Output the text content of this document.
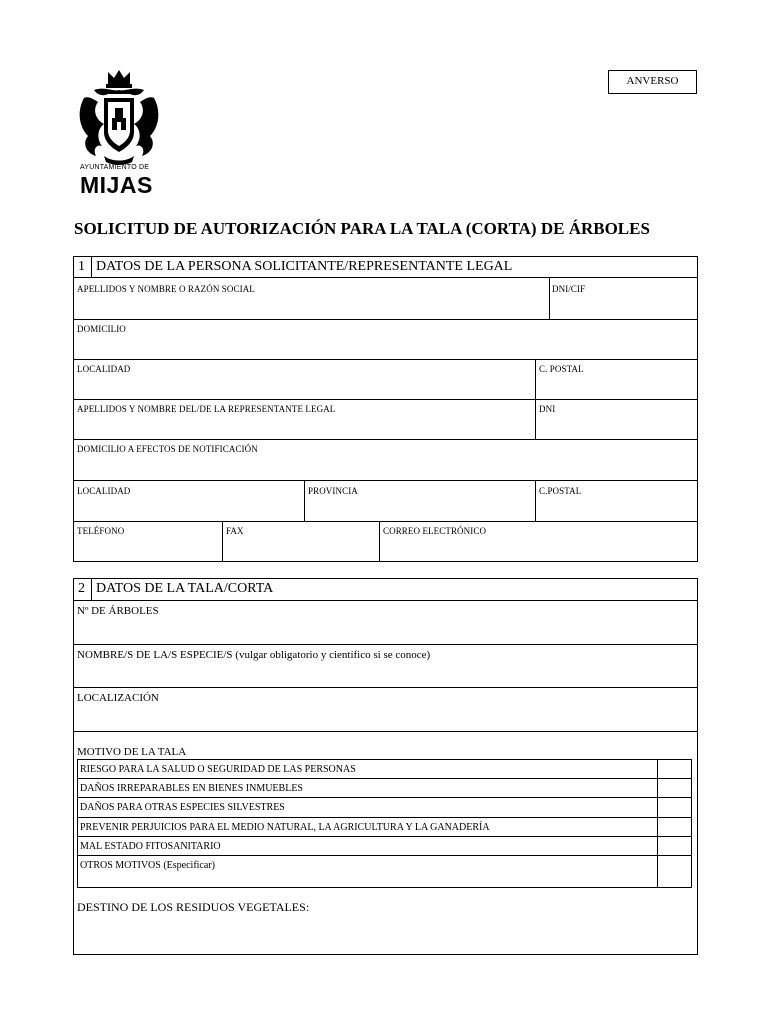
ANVERSO
AYUNTAMIENTO DE
MIJAS
SOLICITUD DE AUTORIZACIÓN PARA LA TALA (CORTA) DE ÁRBOLES
1 DATOS DE LA PERSONA SOLICITANTE/REPRESENTANTE LEGAL
APELLIDOS Y NOMBRE O RAZÓN SOCIAL	DNI/CIF
DOMICILIO
LOCALIDAD	C. POSTAL
APELLIDOS Y NOMBRE DEL/DE LA REPRESENTANTE LEGAL	DNI
DOMICILIO A EFECTOS DE NOTIFICACIÓN
LOCALIDAD	PROVINCIA	C.POSTAL
TELÉFONO	FAX	CORREO ELECTRÓNICO
2 DATOS DE LA TALA/CORTA
Nº DE ÁRBOLES
NOMBRE/S DE LA/S ESPECIE/S (vulgar obligatorio y científico si se conoce)
LOCALIZACIÓN
MOTIVO DE LA TALA
RIESGO PARA LA SALUD O SEGURIDAD DE LAS PERSONAS
DAÑOS IRREPARABLES EN BIENES INMUEBLES
DAÑOS PARA OTRAS ESPECIES SILVESTRES
PREVENIR PERJUICIOS PARA EL MEDIO NATURAL, LA AGRICULTURA Y LA GANADERÍA
MAL ESTADO FITOSANITARIO
OTROS MOTIVOS (Especificar)
DESTINO DE LOS RESIDUOS VEGETALES:
